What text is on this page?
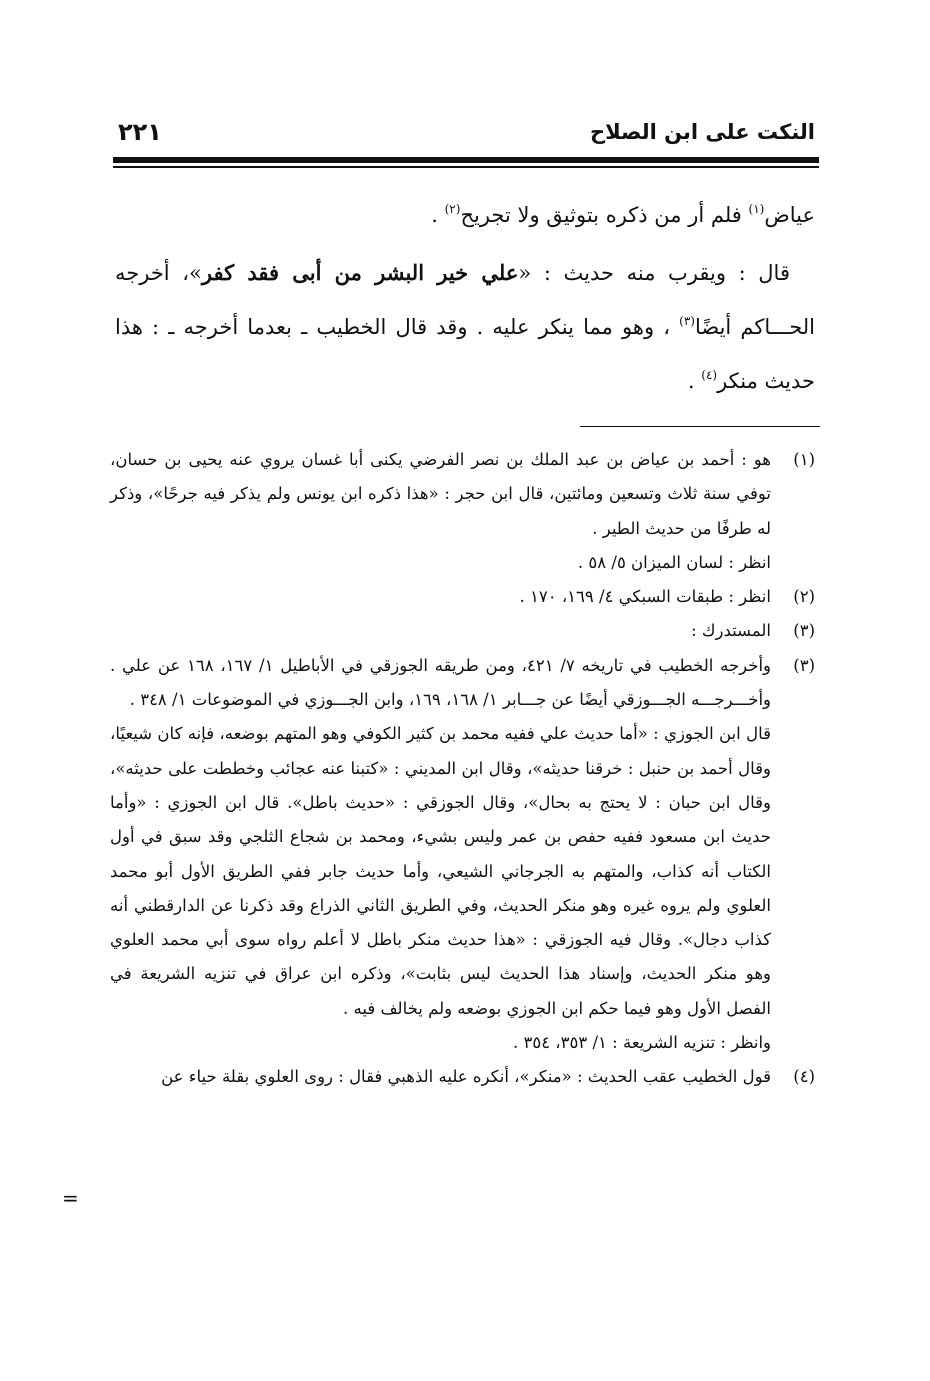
النكت على ابن الصلاح
٢٢١

عياض$^{(١)}$ فلم أر من ذكره بتوثيق ولا تجريح$^{(٢)}$ .

قال : ويقرب منه حديث : «علي خير البشر من أبى فقد كفر»، أخرجه الحـــاكم أيضًا$^{(٣)}$ ، وهو مما ينكر عليه . وقد قال الخطيب ـ بعدما أخرجه ـ : هذا حديث منكر$^{(٤)}$ .

(١)

هو : أحمد بن عياض بن عبد الملك بن نصر الفرضي يكنى أبا غسان يروي عنه يحيى بن حسان، توفي سنة ثلاث وتسعين ومائتين، قال ابن حجر : «هذا ذكره ابن يونس ولم يذكر فيه جرحًا»، وذكر له طرفًا من حديث الطير .

انظر : لسان الميزان ٥/ ٥٨ .

(٢)

انظر : طبقات السبكي ٤/ ١٦٩، ١٧٠ .

(٣)

المستدرك :

(٣)

وأخرجه الخطيب في تاريخه ٧/ ٤٢١، ومن طريقه الجوزقي في الأباطيل ١/ ١٦٧، ١٦٨ عن علي . وأخـــرجـــه الجـــوزقي أيضًا عن جـــابر ١/ ١٦٨، ١٦٩، وابن الجـــوزي في الموضوعات ١/ ٣٤٨ .

قال ابن الجوزي : «أما حديث علي ففيه محمد بن كثير الكوفي وهو المتهم بوضعه، فإنه كان شيعيًا، وقال أحمد بن حنبل : خرقنا حديثه»، وقال ابن المديني : «كتبنا عنه عجائب وخططت على حديثه»، وقال ابن حبان : لا يحتج به بحال»، وقال الجوزقي : «حديث باطل». قال ابن الجوزي : «وأما حديث ابن مسعود ففيه حفص بن عمر وليس بشيء، ومحمد بن شجاع الثلجي وقد سبق في أول الكتاب أنه كذاب، والمتهم به الجرجاني الشيعي، وأما حديث جابر ففي الطريق الأول أبو محمد العلوي ولم يروه غيره وهو منكر الحديث، وفي الطريق الثاني الذراع وقد ذكرنا عن الدارقطني أنه كذاب دجال». وقال فيه الجوزقي : «هذا حديث منكر باطل لا أعلم رواه سوى أبي محمد العلوي وهو منكر الحديث، وإسناد هذا الحديث ليس بثابت»، وذكره ابن عراق في تنزيه الشريعة في الفصل الأول وهو فيما حكم ابن الجوزي بوضعه ولم يخالف فيه .

وانظر : تنزيه الشريعة : ١/ ٣٥٣، ٣٥٤ .

(٤)

قول الخطيب عقب الحديث : «منكر»، أنكره عليه الذهبي فقال : روى العلوي بقلة حياء عن

=
